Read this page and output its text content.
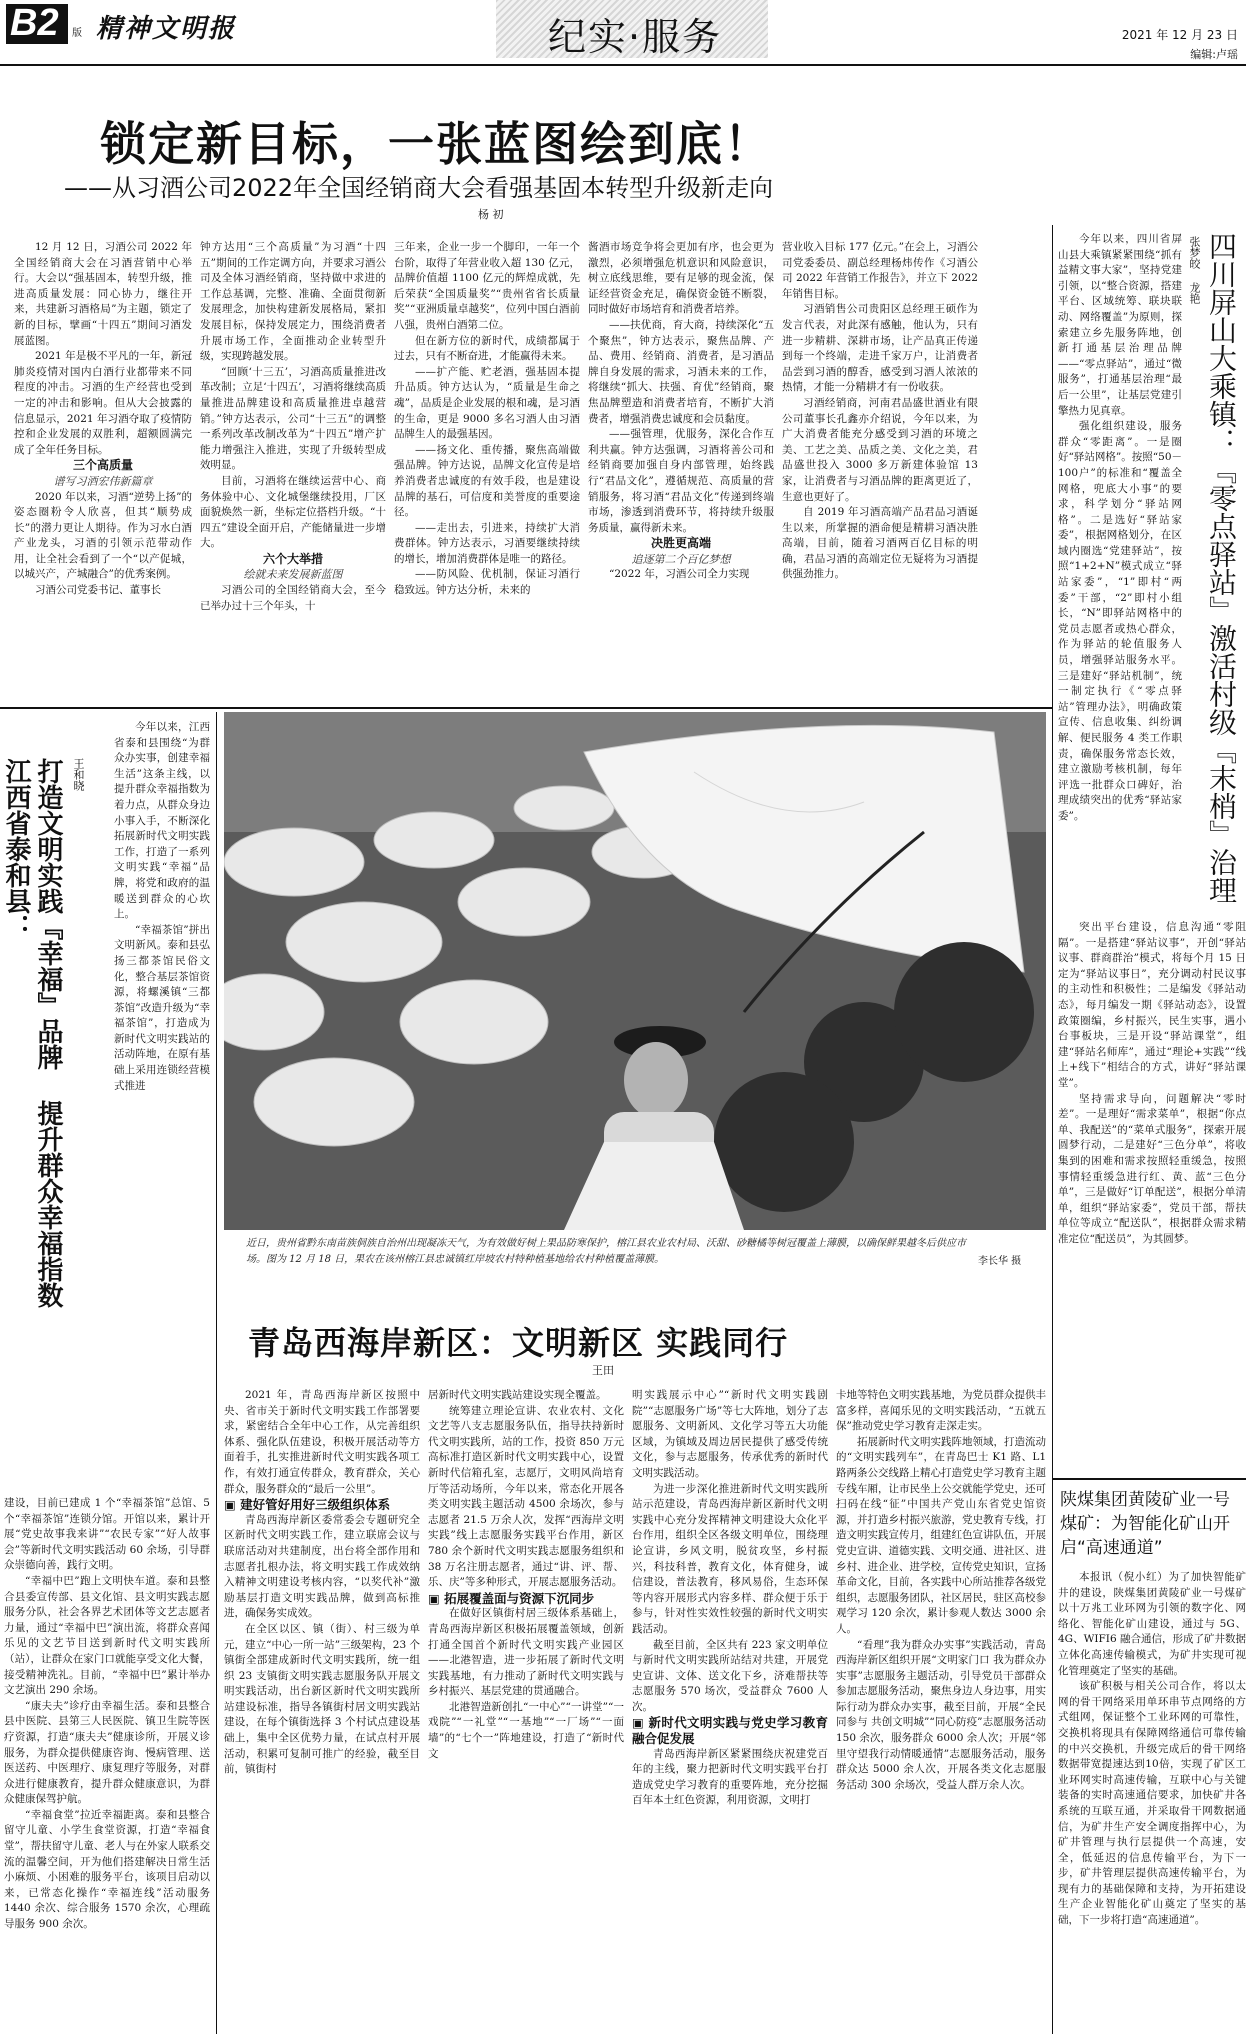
B2 版 精神文明报	纪实·服务	2021 年 12 月 23 日
编辑:卢瑶
锁定新目标，一张蓝图绘到底！
——从习酒公司2022年全国经销商大会看强基固本转型升级新走向
杨 初

12 月 12 日，习酒公司 2022 年全国经销商大会在习酒营销中心举行。大会以“强基固本，转型升级，推进高质量发展：同心协力，继往开来，共建新习酒格局”为主题，锁定了新的目标，擘画“十四五”期间习酒发展蓝图。

2021 年是极不平凡的一年，新冠肺炎疫情对国内白酒行业都带来不同程度的冲击。习酒的生产经营也受到一定的冲击和影响。但从大会披露的信息显示，2021 年习酒夺取了疫情防控和企业发展的双胜利，超额圆满完成了全年任务目标。

三个高质量

谱写习酒宏伟新篇章

2020 年以来，习酒“逆势上扬”的姿态圈粉令人欣喜，但其“顺势成长”的潜力更让人期待。作为习水白酒产业龙头，习酒的引领示范带动作用，让全社会看到了一个“以产促城，以城兴产，产城融合”的优秀案例。

习酒公司党委书记、董事长

钟方达用“三个高质量”为习酒“十四五”期间的工作定调方向，并要求习酒公司及全体习酒经销商，坚持做中求进的工作总基调，完整、准确、全面贯彻新发展理念，加快构建新发展格局，紧扣发展目标，保持发展定力，围绕消费者升展市场工作，全面推动企业转型升级，实现跨越发展。

“回顾‘十三五’，习酒高质量推进改革改制；立足‘十四五’，习酒将继续高质量推进品牌建设和高质量推进卓越营销。”钟方达表示，公司“十三五”的调整一系列改革改制改革为“十四五”增产扩能力增强注入推进，实现了升级转型成效明显。

目前，习酒将在继续运营中心、商务体验中心、文化城堡继续投用，厂区面貌焕然一新，坐标定位搭档升级。“十四五”建设全面开启，产能储量进一步增大。

六个大举措

绘就未来发展新蓝图

习酒公司的全国经销商大会，至今已举办过十三个年头，十

三年来，企业一步一个脚印，一年一个台阶，取得了年营业收入超 130 亿元，品牌价值超 1100 亿元的辉煌成就，先后荣获“全国质量奖”“贵州省省长质量奖”“亚洲质量卓越奖”，位列中国白酒前八强，贵州白酒第二位。

但在新方位的新时代，成绩都属于过去，只有不断奋进，才能赢得未来。

——扩产能、贮老酒，强基固本提升品质。钟方达认为，“质量是生命之魂”，品质是企业发展的根和魂，是习酒的生命，更是 9000 多名习酒人由习酒品牌生人的最强基因。

——扬文化、重传播，聚焦高端做强品牌。钟方达说，品牌文化宣传是培养消费者忠诚度的有效手段，也是建设品牌的基石，可信度和美誉度的重要途径。

——走出去，引进来，持续扩大消费群体。钟方达表示，习酒要继续持续的增长，增加消费群体是唯一的路径。

——防风险、优机制，保证习酒行稳致远。钟方达分析，未来的

酱酒市场竞争将会更加有序，也会更为激烈，必须增强危机意识和风险意识，树立底线思维，要有足够的现金流，保证经营资金充足，确保资金链不断裂，同时做好市场培育和消费者培养。

——扶优商，育大商，持续深化“五个聚焦”，钟方达表示，聚焦品牌、产品、费用、经销商、消费者，是习酒品牌自身发展的需求，习酒未来的工作，将继续“抓大、扶强、育优”经销商，聚焦品牌塑造和消费者培育，不断扩大消费者，增强消费忠诚度和会员黏度。

——强管理，优服务，深化合作互利共赢。钟方达强调，习酒将善公司和经销商要加强自身内部管理，始终践行“君品文化”，遵循规范、高质量的营销服务，将习酒“君品文化”传递到终端市场，渗透到消费环节，将持续升级服务质量，赢得新未来。

决胜更高端

追逐第二个百亿梦想

“2022 年，习酒公司全力实现

营业收入目标 177 亿元。”在会上，习酒公司党委委员、副总经理杨炜传作《习酒公司 2022 年营销工作报告》，并立下 2022 年销售目标。

习酒销售公司贵阳区总经理王硕作为发言代表，对此深有感触，他认为，只有进一步精耕、深耕市场，让产品真正传递到每一个终端，走进千家万户，让消费者品尝到习酒的醇香，感受到习酒人浓浓的热情，才能一分精耕才有一份收获。

习酒经销商，河南君品盛世酒业有限公司董事长孔鑫亦介绍说，今年以来，为广大消费者能充分感受到习酒的环境之美、工艺之美、品质之美、文化之美，君品盛世投入 3000 多万新建体验馆 13 家，让消费者与习酒品牌的距离更近了，生意也更好了。

自 2019 年习酒高端产品君品习酒诞生以来，所掌握的酒命便是精耕习酒决胜高端，目前，随着习酒两百亿目标的明确，君品习酒的高端定位无疑将为习酒提供强劲推力。	四川屏山大乘镇：『零点驿站』激活村级『末梢』治理
张梦皎 龙艳

今年以来，四川省屏山县大乘镇紧紧围绕“抓有益精文事大家”，坚持党建引领，以“整合资源，搭建平台、区域统筹、联块联动、网络覆盖”为原则，探索建立乡先服务阵地，创新打通基层治理品牌——“零点驿站”，通过“微服务”，打通基层治理“最后一公里”，让基层党建引擎热力见真章。

强化组织建设，服务群众“零距离”。一是圈好“驿站网格”。按照“50－100户”的标准和“覆盖全网格，兜底大小事”的要求，科学划分“驿站网格”。二是选好“驿站家委”，根据网格划分，在区域内圈选“党建驿站”，按照“1+2+N”模式成立“驿站家委”，“1”即村“两委”干部，“2”即村小组长，“N”即驿站网格中的党员志愿者或热心群众，作为驿站的轮值服务人员，增强驿站服务水平。三是建好“驿站机制”，统一制定执行《“零点驿站”管理办法》，明确政策宣传、信息收集、纠纷调解、便民服务 4 类工作职责，确保服务常态长效，建立激励考核机制，每年评选一批群众口碑好，治理成绩突出的优秀“驿站家委”。

突出平台建设，信息沟通“零阻隔”。一是搭建“驿站议事”，开创“驿站议事、群商群治”模式，将每个月 15 日定为“驿站议事日”，充分调动村民议事的主动性和积极性；二是编发《驿站动态》，每月编发一期《驿站动态》，设置政策圈编，乡村振兴，民生实事，遇小台事板块，三是开设“驿站课堂”，组建“驿站名师库”，通过“理论+实践”“线上+线下”相结合的方式，讲好“驿站课堂”。

坚持需求导向，问题解决“零时差”。一是理好“需求菜单”，根据“你点单、我配送”的“菜单式服务”，探索开展圆梦行动，二是建好“三色分单”，将收集到的困难和需求按照轻重缓急，按照事情轻重缓急进行红、黄、蓝“三色分单”，三是做好“订单配送”，根据分单清单，组织“驿站家委”，党员干部，帮扶单位等成立“配送队”，根据群众需求精准定位“配送员”，为其圆梦。

陕煤集团黄陵矿业一号煤矿：为智能化矿山开启“高速通道”

本报讯（倪小红）为了加快智能矿井的建设，陕煤集团黄陵矿业一号煤矿以十万兆工业环网为引领的数字化、网络化、智能化矿山建设，通过与 5G、4G、WIFI6 融合通信，形成了矿井数据立体化高速传输模式，为矿井实现可视化管理奠定了坚实的基础。

该矿积极与相关公司合作，将以太网的骨干网络采用单环串节点网络的方式组网，保证整个工业环网的可靠性，交换机将现具有保障网络通信可靠传输的中兴交换机，升级完成后的骨干网络数据带宽提速达到10倍，实现了矿区工业环网实时高速传输，互联中心与关键装备的实时高速通信要求，加快矿井各系统的互联互通，并采取骨干网数据通信，为矿井生产安全调度指挥中心，为矿井管理与执行层提供一个高速，安全，低延迟的信息传输平台，为下一步，矿井管理层提供高速传输平台，为现有力的基础保障和支持，为开拓建设生产企业智能化矿山奠定了坚实的基础，下一步将打造“高速通道”。

江西省泰和县： 打造文明实践『幸福』品牌 提升群众幸福指数 王和晓

今年以来，江西省泰和县围绕“为群众办实事，创建幸福生活”这条主线，以提升群众幸福指数为着力点，从群众身边小事入手，不断深化拓展新时代文明实践工作，打造了一系列文明实践“幸福”品牌，将党和政府的温暖送到群众的心坎上。

“幸福茶馆”拼出文明新风。泰和县弘扬三都茶馆民俗文化，整合基层茶馆资源，将螺溪镇“三都茶馆”改造升级为“幸福茶馆”，打造成为新时代文明实践站的活动阵地，在原有基础上采用连锁经营模式推进

建设，目前已建成 1 个“幸福茶馆”总馆、5 个“幸福茶馆”连锁分馆。开馆以来，累计开展“党史故事我来讲”“农民专家”“好人故事会”等新时代文明实践活动 60 余场，引导群众崇德向善，践行文明。

“幸福中巴”跑上文明快车道。泰和县整合县委宣传部、县文化馆、县文明实践志愿服务分队，社会各界艺术团体等文艺志愿者力量，通过“幸福中巴”演出流，将群众喜闻乐见的文艺节目送到新时代文明实践所（站），让群众在家门口就能享受文化大餐，接受精神洗礼。目前，“幸福中巴”累计举办文艺演出 290 余场。

“康夫夫”诊疗由幸福生活。泰和县整合县中医院、县第三人民医院、镇卫生院等医疗资源，打造“康夫夫”健康诊所，开展义诊服务，为群众提供健康咨询、慢病管理、送医送药、中医理疗、康复理疗等服务，对群众进行健康教育，提升群众健康意识，为群众健康保驾护航。

“幸福食堂”拉近幸福距离。泰和县整合留守儿童、小学生食堂资源，打造“幸福食堂”，帮扶留守儿童、老人与在外家人联系交流的温馨空间，开为他们搭建解决日常生活小麻烦、小困难的服务平台，该项目启动以来，已常态化操作“幸福连线”活动服务 1440 余次、综合服务 1570 余次，心理疏导服务 900 余次。

近日，贵州省黔东南苗族侗族自治州出现凝冻天气，为有效做好树上果品防寒保护，榕江县农业农村局、沃甜、砂糖橘等树冠覆盖上薄膜，以确保鲜果越冬后供应市场。图为 12 月 18 日，果农在该州榕江县忠诚镇红岸坡农村特种植基地给农村种植覆盖薄膜。	李长华 摄
青岛西海岸新区：文明新区 实践同行
王田

2021 年，青岛西海岸新区按照中央、省市关于新时代文明实践工作部署要求，紧密结合全年中心工作，从完善组织体系、强化队伍建设，积极开展活动等方面着手，扎实推进新时代文明实践各项工作，有效打通宣传群众，教育群众，关心群众，服务群众的“最后一公里”。

▣ 建好管好用好三级组织体系

青岛西海岸新区委常委会专题研究全区新时代文明实践工作，建立联席会议与联席活动对共建制度，出台将全部作用和志愿者扎根办法，将文明实践工作成效纳入精神文明建设考核内容，“以奖代补”激励基层打造文明实践品牌，做到高标推进，确保务实成效。

在全区以区、镇（街）、村三级为单元，建立“中心一所一站”三级架构，23 个镇街全部建成新时代文明实践所，统一组织 23 支镇街文明实践志愿服务队开展文明实践活动，出台新区新时代文明实践所站建设标准，指导各镇街村居文明实践站建设，在每个镇街选择 3 个村试点建设基础上，集中全区优势力量，在试点村开展活动，积累可复制可推广的经验，截至目前，镇街村

居新时代文明实践站建设实现全覆盖。

统筹建立理论宣讲、农业农村、文化文艺等八支志愿服务队伍，指导扶持新时代文明实践所，站的工作，投资 850 万元高标准打造区新时代文明实践中心，设置新时代信箱孔室，志愿厅，文明风尚培育厅等活动场所，今年以来，常态化开展各类文明实践主题活动 4500 余场次，参与志愿者 21.5 万余人次，发挥“西海岸文明实践”线上志愿服务实践平台作用，新区 780 余个新时代文明实践志愿服务组织和 38 万名注册志愿者，通过“讲、评、帮、乐、庆”等多种形式，开展志愿服务活动。

▣ 拓展覆盖面与资源下沉同步

在做好区镇街村居三级体系基础上，青岛西海岸新区积极拓展覆盖领域，创新打通全国首个新时代文明实践产业园区——北港智造，进一步拓展了新时代文明实践基地，有力推动了新时代文明实践与乡村振兴、基层党建的贯通融合。

北港智造新创扎“一中心”“一讲堂”“一戏院”“一礼堂”“一基地”“一厂场”“一面墙”的“七个一”阵地建设，打造了“新时代文

明实践展示中心”“新时代文明实践剧院”“志愿服务广场”等七大阵地，划分了志愿服务、文明新风、文化学习等五大功能区域，为镇域及周边居民提供了感受传统文化，参与志愿服务，传承优秀的新时代文明实践活动。

为进一步深化推进新时代文明实践所站示范建设，青岛西海岸新区新时代文明实践中心充分发挥精神文明建设大众化平台作用，组织全区各级文明单位，围绕理论宣讲，乡风文明，脱贫攻坚，乡村振兴，科技科普，教育文化，体育健身，诚信建设，普法教育，移风易俗，生态环保等内容开展形式内容多样、群众便于乐于参与，针对性实效性较强的新时代文明实践活动。

截至目前，全区共有 223 家文明单位与新时代文明实践所站结对共建，开展党史宣讲、文体、送文化下乡，济难帮扶等志愿服务 570 场次，受益群众 7600 人次。

▣ 新时代文明实践与党史学习教育融合促发展

青岛西海岸新区紧紧围绕庆祝建党百年的主线，聚力把新时代文明实践平台打造成党史学习教育的重要阵地，充分挖掘百年本土红色资源，利用资源，文明打

卡地等特色文明实践基地，为党员群众提供丰富多样，喜闻乐见的文明实践活动，“五就五保”推动党史学习教育走深走实。

拓展新时代文明实践阵地领域，打造流动的“文明实践列车”，在青岛巴士 K1 路、L1 路两条公交线路上精心打造党史学习教育主题专线车厢，让市民坐上公交就能学党史，还可扫码在线“征”中国共产党山东省党史馆资源，并打造乡村振兴旅游，党史教育专线，打造文明实践宣传月，组建红色宣讲队伍，开展党史宣讲、道德实践、文明交通、进社区、进乡村、进企业、进学校，宣传党史知识，宣扬革命文化，目前，各实践中心所站推荐各级党组织，志愿服务团队，社区居民，驻区高校参观学习 120 余次，累计参观人数达 3000 余人。

“看理”我为群众办实事”实践活动，青岛西海岸新区组织开展“文明家门口 我为群众办实事”志愿服务主题活动，引导党员干部群众参加志愿服务活动，聚焦身边人身边事，用实际行动为群众办实事，截至目前，开展“全民同参与 共创文明城”“同心防疫”志愿服务活动 150 余次，服务群众 6000 余人次；开展“邻里守望我行动情暖通情”志愿服务活动，服务群众达 5000 余人次，开展各类文化志愿服务活动 300 余场次，受益人群万余人次。
